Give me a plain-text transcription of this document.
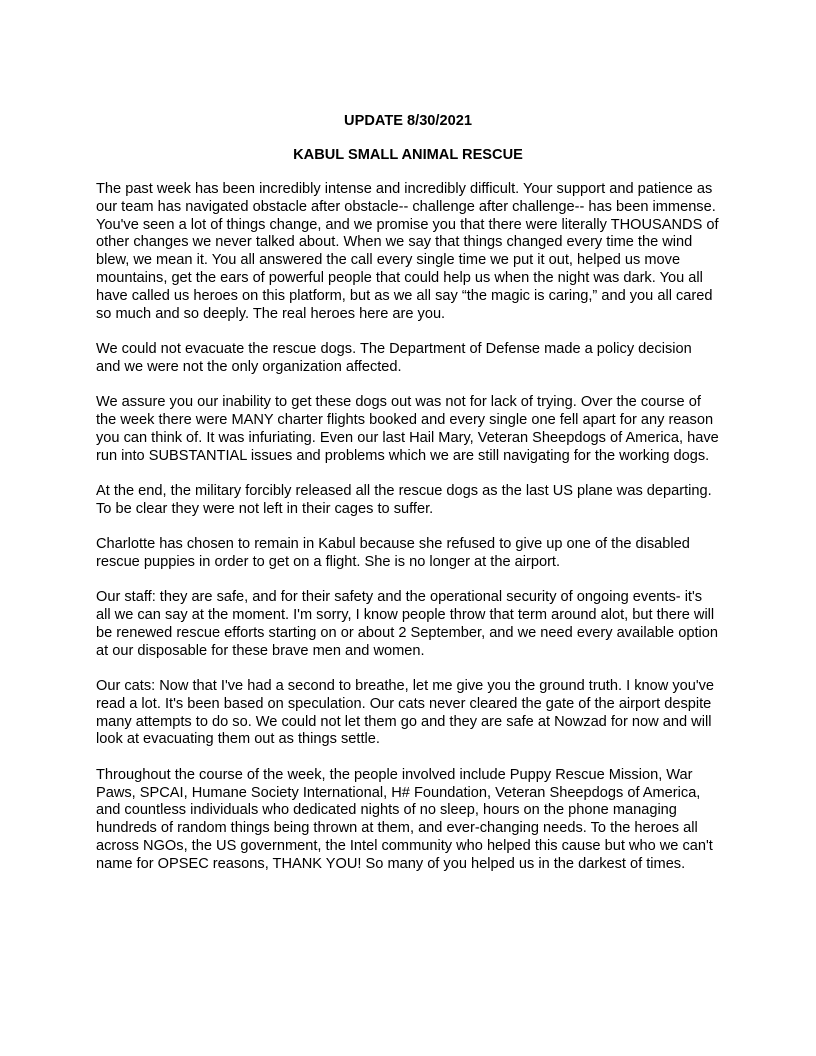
UPDATE 8/30/2021

KABUL SMALL ANIMAL RESCUE

The past week has been incredibly intense and incredibly difficult. Your support and patience as our team has navigated obstacle after obstacle-- challenge after challenge-- has been immense. You've seen a lot of things change, and we promise you that there were literally THOUSANDS of other changes we never talked about. When we say that things changed every time the wind blew, we mean it. You all answered the call every single time we put it out, helped us move mountains, get the ears of powerful people that could help us when the night was dark. You all have called us heroes on this platform, but as we all say “the magic is caring,” and you all cared so much and so deeply. The real heroes here are you.

We could not evacuate the rescue dogs. The Department of Defense made a policy decision and we were not the only organization affected.

We assure you our inability to get these dogs out was not for lack of trying. Over the course of the week there were MANY charter flights booked and every single one fell apart for any reason you can think of. It was infuriating. Even our last Hail Mary, Veteran Sheepdogs of America, have run into SUBSTANTIAL issues and problems which we are still navigating for the working dogs.

At the end, the military forcibly released all the rescue dogs as the last US plane was departing. To be clear they were not left in their cages to suffer.

Charlotte has chosen to remain in Kabul because she refused to give up one of the disabled rescue puppies in order to get on a flight. She is no longer at the airport.

Our staff: they are safe, and for their safety and the operational security of ongoing events- it's all we can say at the moment. I'm sorry, I know people throw that term around alot, but there will be renewed rescue efforts starting on or about 2 September, and we need every available option at our disposable for these brave men and women.

Our cats: Now that I've had a second to breathe, let me give you the ground truth. I know you've read a lot. It's been based on speculation. Our cats never cleared the gate of the airport despite many attempts to do so. We could not let them go and they are safe at Nowzad for now and will look at evacuating them out as things settle.

Throughout the course of the week, the people involved include Puppy Rescue Mission, War Paws, SPCAI, Humane Society International, H# Foundation, Veteran Sheepdogs of America, and countless individuals who dedicated nights of no sleep, hours on the phone managing hundreds of random things being thrown at them, and ever-changing needs. To the heroes all across NGOs, the US government, the Intel community who helped this cause but who we can't name for OPSEC reasons, THANK YOU! So many of you helped us in the darkest of times.
